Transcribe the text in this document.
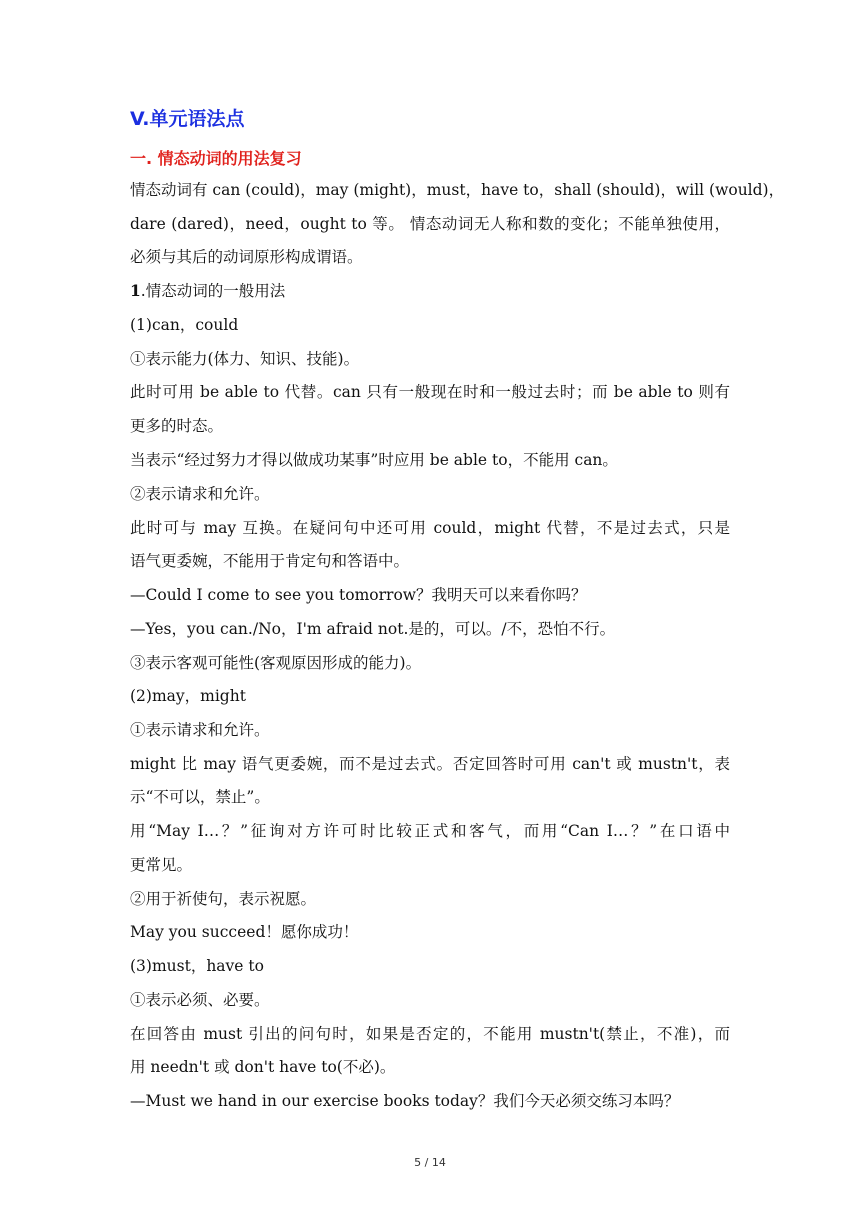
V.单元语法点
一. 情态动词的用法复习
情态动词有 can (could)，may (might)，must，have to，shall (should)，will (would)，
dare (dared)，need，ought to 等。 情态动词无人称和数的变化；不能单独使用，
必须与其后的动词原形构成谓语。
1.情态动词的一般用法
(1)can，could
①表示能力(体力、知识、技能)。
此时可用 be able to 代替。can 只有一般现在时和一般过去时；而 be able to 则有
更多的时态。
当表示“经过努力才得以做成功某事”时应用 be able to，不能用 can。
②表示请求和允许。
此时可与 may 互换。在疑问句中还可用 could，might 代替，不是过去式，只是
语气更委婉，不能用于肯定句和答语中。
—Could I come to see you tomorrow？我明天可以来看你吗？
—Yes，you can./No，I'm afraid not.是的，可以。/不，恐怕不行。
③表示客观可能性(客观原因形成的能力)。
(2)may，might
①表示请求和允许。
might 比 may 语气更委婉，而不是过去式。否定回答时可用 can't 或 mustn't，表
示“不可以，禁止”。
用“May I…？”征询对方许可时比较正式和客气，而用“Can I…？”在口语中
更常见。
②用于祈使句，表示祝愿。
May you succeed！愿你成功！
(3)must，have to
①表示必须、必要。
在回答由 must 引出的问句时，如果是否定的，不能用 mustn't(禁止，不准)，而
用 needn't 或 don't have to(不必)。
—Must we hand in our exercise books today？我们今天必须交练习本吗？
5 / 14
